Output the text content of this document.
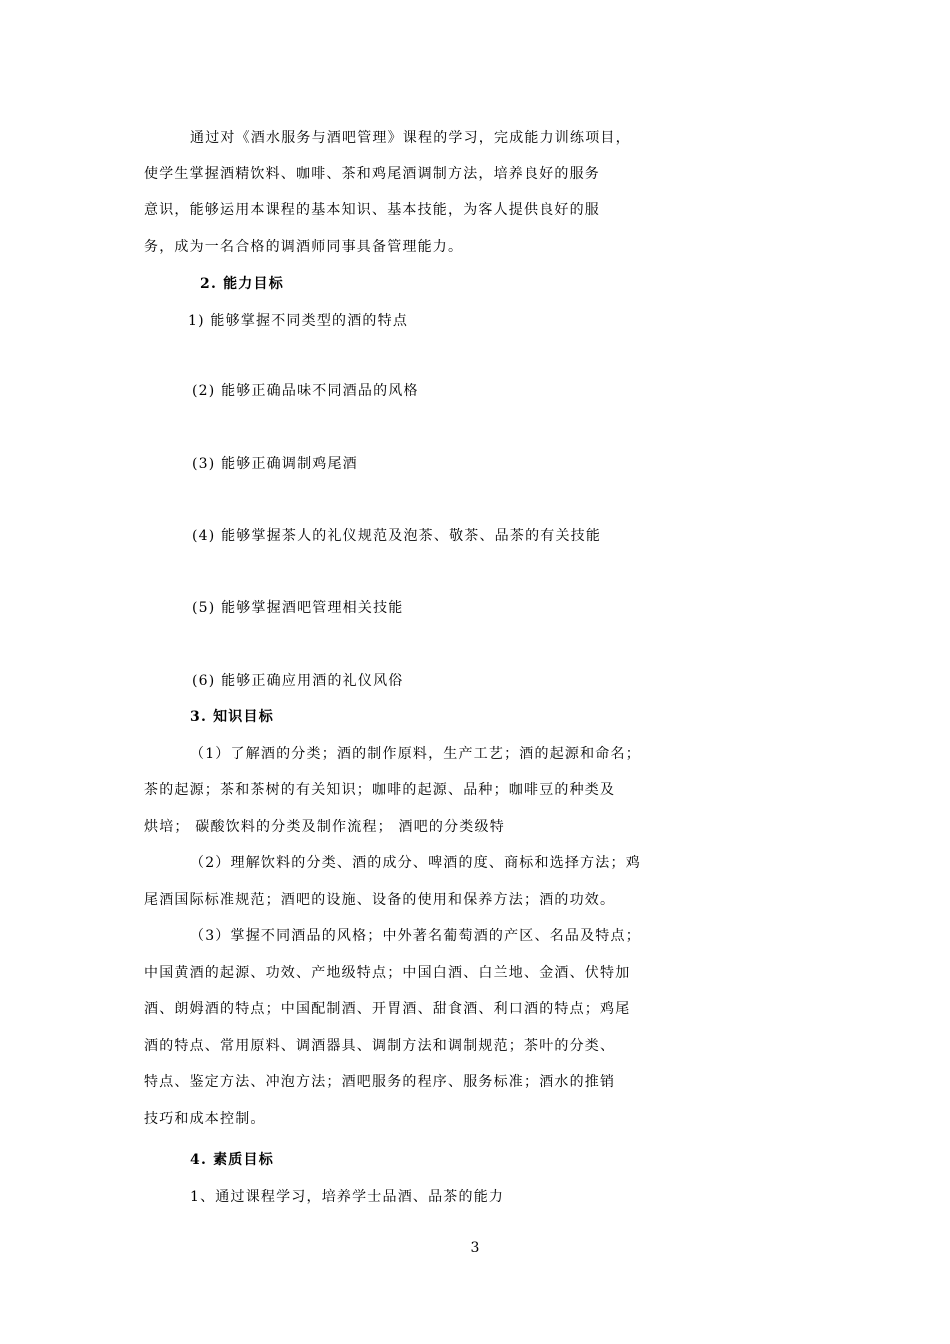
通过对《酒水服务与酒吧管理》课程的学习，完成能力训练项目，
使学生掌握酒精饮料、咖啡、茶和鸡尾酒调制方法，培养良好的服务
意识，能够运用本课程的基本知识、基本技能，为客人提供良好的服
务，成为一名合格的调酒师同事具备管理能力。
2. 能力目标
1) 能够掌握不同类型的酒的特点
(2) 能够正确品味不同酒品的风格
(3) 能够正确调制鸡尾酒
(4) 能够掌握茶人的礼仪规范及泡茶、敬茶、品茶的有关技能
(5) 能够掌握酒吧管理相关技能
(6) 能够正确应用酒的礼仪风俗
3. 知识目标
（1）了解酒的分类；酒的制作原料，生产工艺；酒的起源和命名；
茶的起源；茶和茶树的有关知识；咖啡的起源、品种；咖啡豆的种类及
烘培； 碳酸饮料的分类及制作流程； 酒吧的分类级特
（2）理解饮料的分类、酒的成分、啤酒的度、商标和选择方法；鸡
尾酒国际标准规范；酒吧的设施、设备的使用和保养方法；酒的功效。
（3）掌握不同酒品的风格；中外著名葡萄酒的产区、名品及特点；
中国黄酒的起源、功效、产地级特点；中国白酒、白兰地、金酒、伏特加
酒、朗姆酒的特点；中国配制酒、开胃酒、甜食酒、利口酒的特点；鸡尾
酒的特点、常用原料、调酒器具、调制方法和调制规范；茶叶的分类、
特点、鉴定方法、冲泡方法；酒吧服务的程序、服务标准；酒水的推销
技巧和成本控制。
4. 素质目标
1、通过课程学习，培养学士品酒、品茶的能力
3
